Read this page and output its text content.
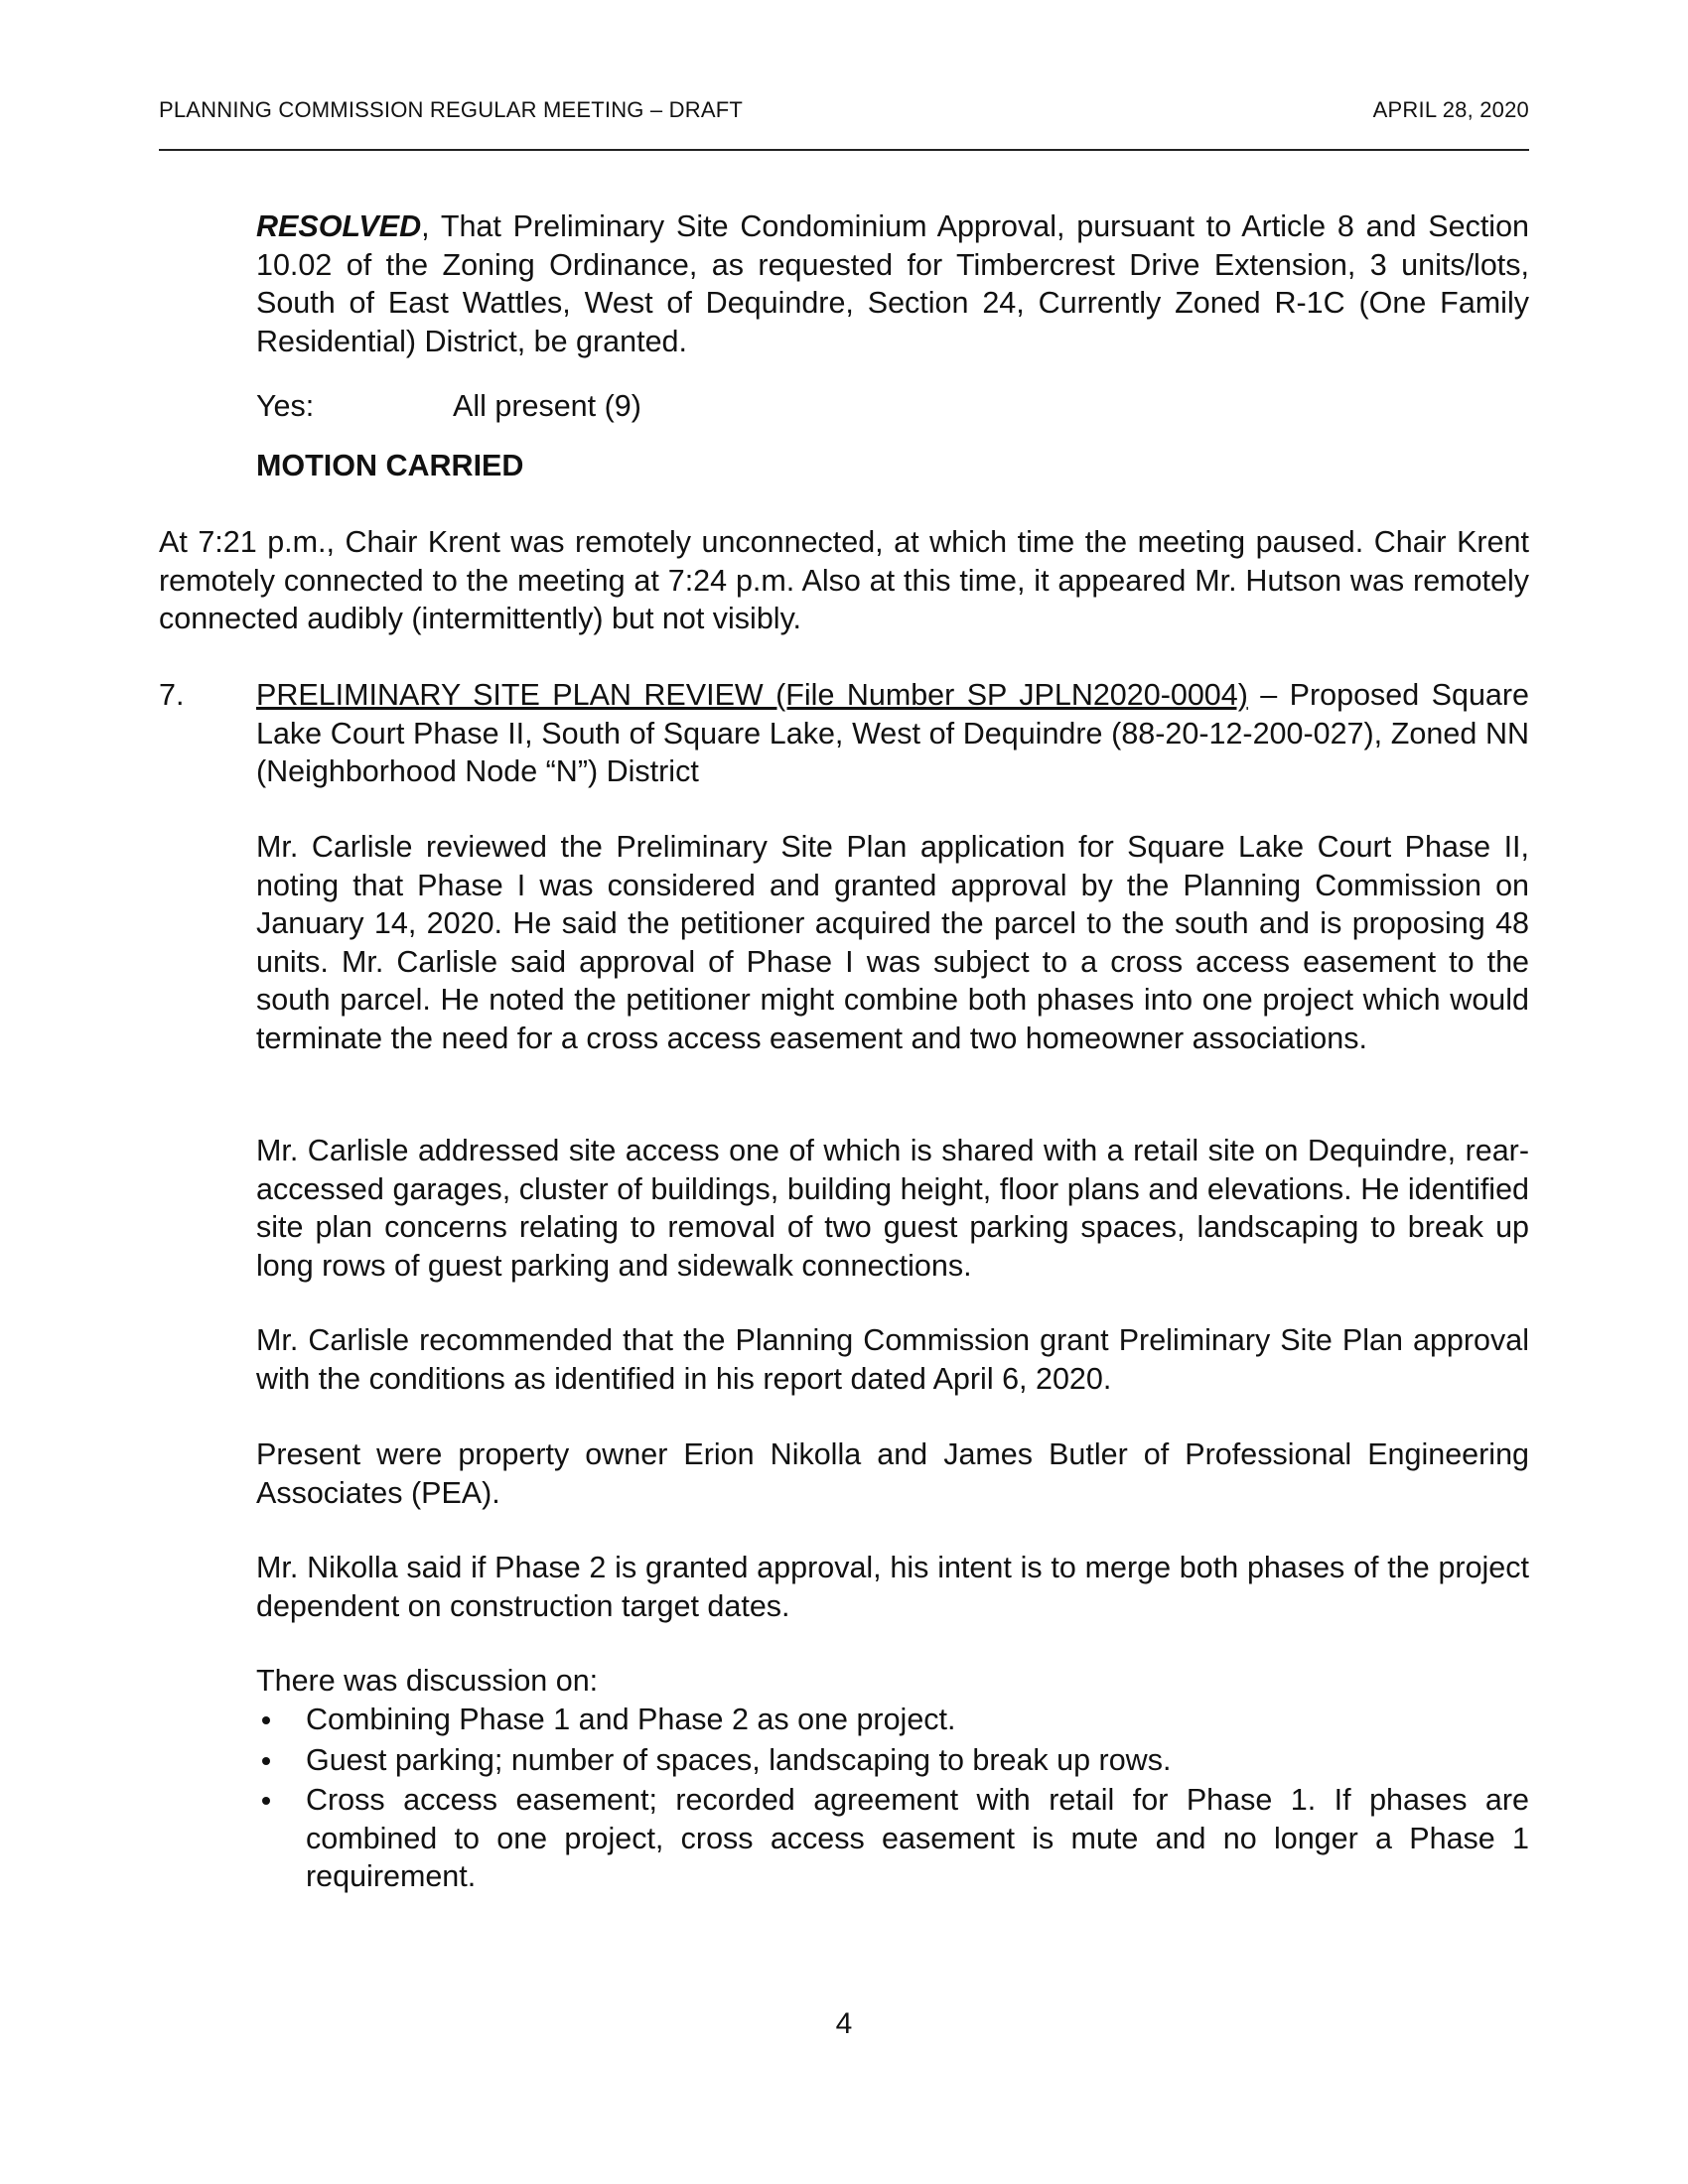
PLANNING COMMISSION REGULAR MEETING – DRAFT	APRIL 28, 2020
RESOLVED, That Preliminary Site Condominium Approval, pursuant to Article 8 and Section 10.02 of the Zoning Ordinance, as requested for Timbercrest Drive Extension, 3 units/lots, South of East Wattles, West of Dequindre, Section 24, Currently Zoned R-1C (One Family Residential) District, be granted.
Yes:	All present (9)
MOTION CARRIED
At 7:21 p.m., Chair Krent was remotely unconnected, at which time the meeting paused. Chair Krent remotely connected to the meeting at 7:24 p.m. Also at this time, it appeared Mr. Hutson was remotely connected audibly (intermittently) but not visibly.
7. PRELIMINARY SITE PLAN REVIEW (File Number SP JPLN2020-0004) – Proposed Square Lake Court Phase II, South of Square Lake, West of Dequindre (88-20-12-200-027), Zoned NN (Neighborhood Node “N”) District
Mr. Carlisle reviewed the Preliminary Site Plan application for Square Lake Court Phase II, noting that Phase I was considered and granted approval by the Planning Commission on January 14, 2020. He said the petitioner acquired the parcel to the south and is proposing 48 units. Mr. Carlisle said approval of Phase I was subject to a cross access easement to the south parcel. He noted the petitioner might combine both phases into one project which would terminate the need for a cross access easement and two homeowner associations.
Mr. Carlisle addressed site access one of which is shared with a retail site on Dequindre, rear-accessed garages, cluster of buildings, building height, floor plans and elevations. He identified site plan concerns relating to removal of two guest parking spaces, landscaping to break up long rows of guest parking and sidewalk connections.
Mr. Carlisle recommended that the Planning Commission grant Preliminary Site Plan approval with the conditions as identified in his report dated April 6, 2020.
Present were property owner Erion Nikolla and James Butler of Professional Engineering Associates (PEA).
Mr. Nikolla said if Phase 2 is granted approval, his intent is to merge both phases of the project dependent on construction target dates.
There was discussion on:
Combining Phase 1 and Phase 2 as one project.
Guest parking; number of spaces, landscaping to break up rows.
Cross access easement; recorded agreement with retail for Phase 1. If phases are combined to one project, cross access easement is mute and no longer a Phase 1 requirement.
4
